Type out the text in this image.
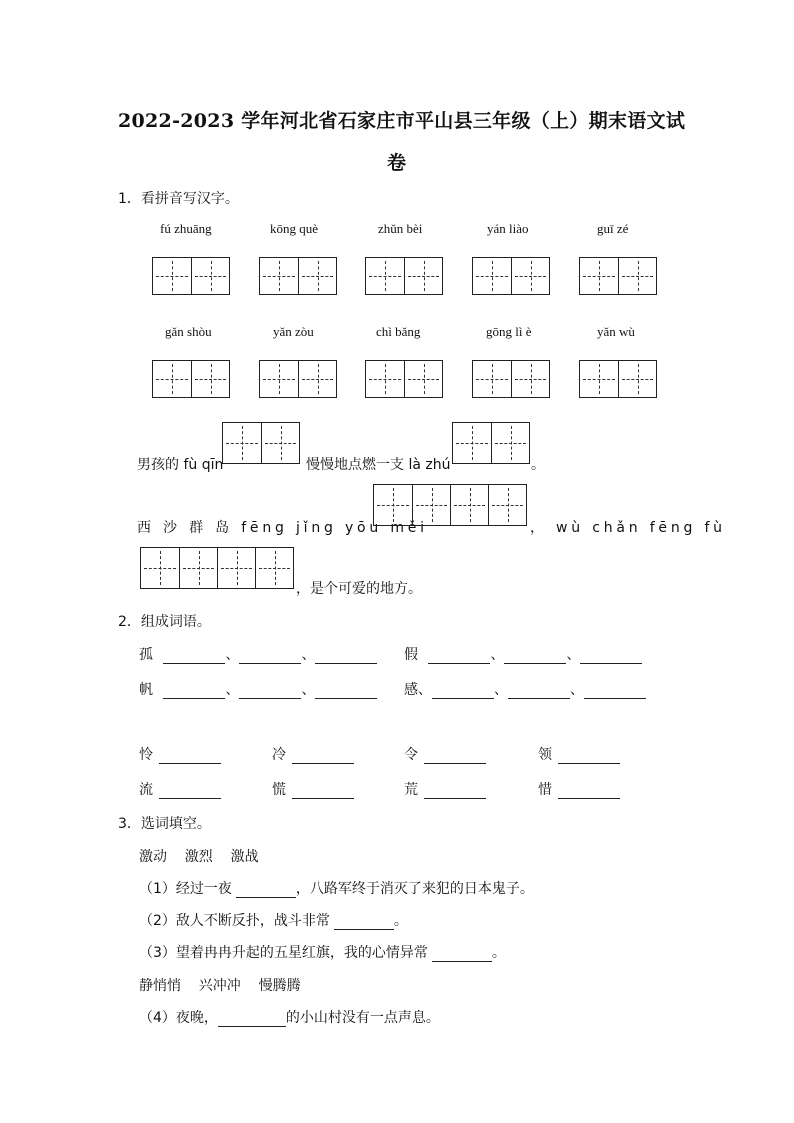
2022-2023 学年河北省石家庄市平山县三年级（上）期末语文试
卷
1．看拼音写汉字。
fú zhuāng	kōng què	zhǔn bèi	yán liào	guī zé
gǎn shòu	yǎn zòu	chì bǎng	gōng lì è	yǎn wù
男孩的 fù qīn	慢慢地点燃一支 là zhú	。
西 沙 群 岛 fēng jǐng yōu měi	， wù chǎn fēng fù
，是个可爱的地方。
2．组成词语。
孤	、	、	假	、	、
帆	、	、	感、	、	、
怜	冷	令	领
流	慌	荒	惜
3．选词填空。
激动    激烈    激战
（1）经过一夜	，八路军终于消灭了来犯的日本鬼子。
（2）敌人不断反扑，战斗非常	。
（3）望着冉冉升起的五星红旗，我的心情异常	。
静悄悄    兴冲冲    慢腾腾
（4）夜晚，	的小山村没有一点声息。
